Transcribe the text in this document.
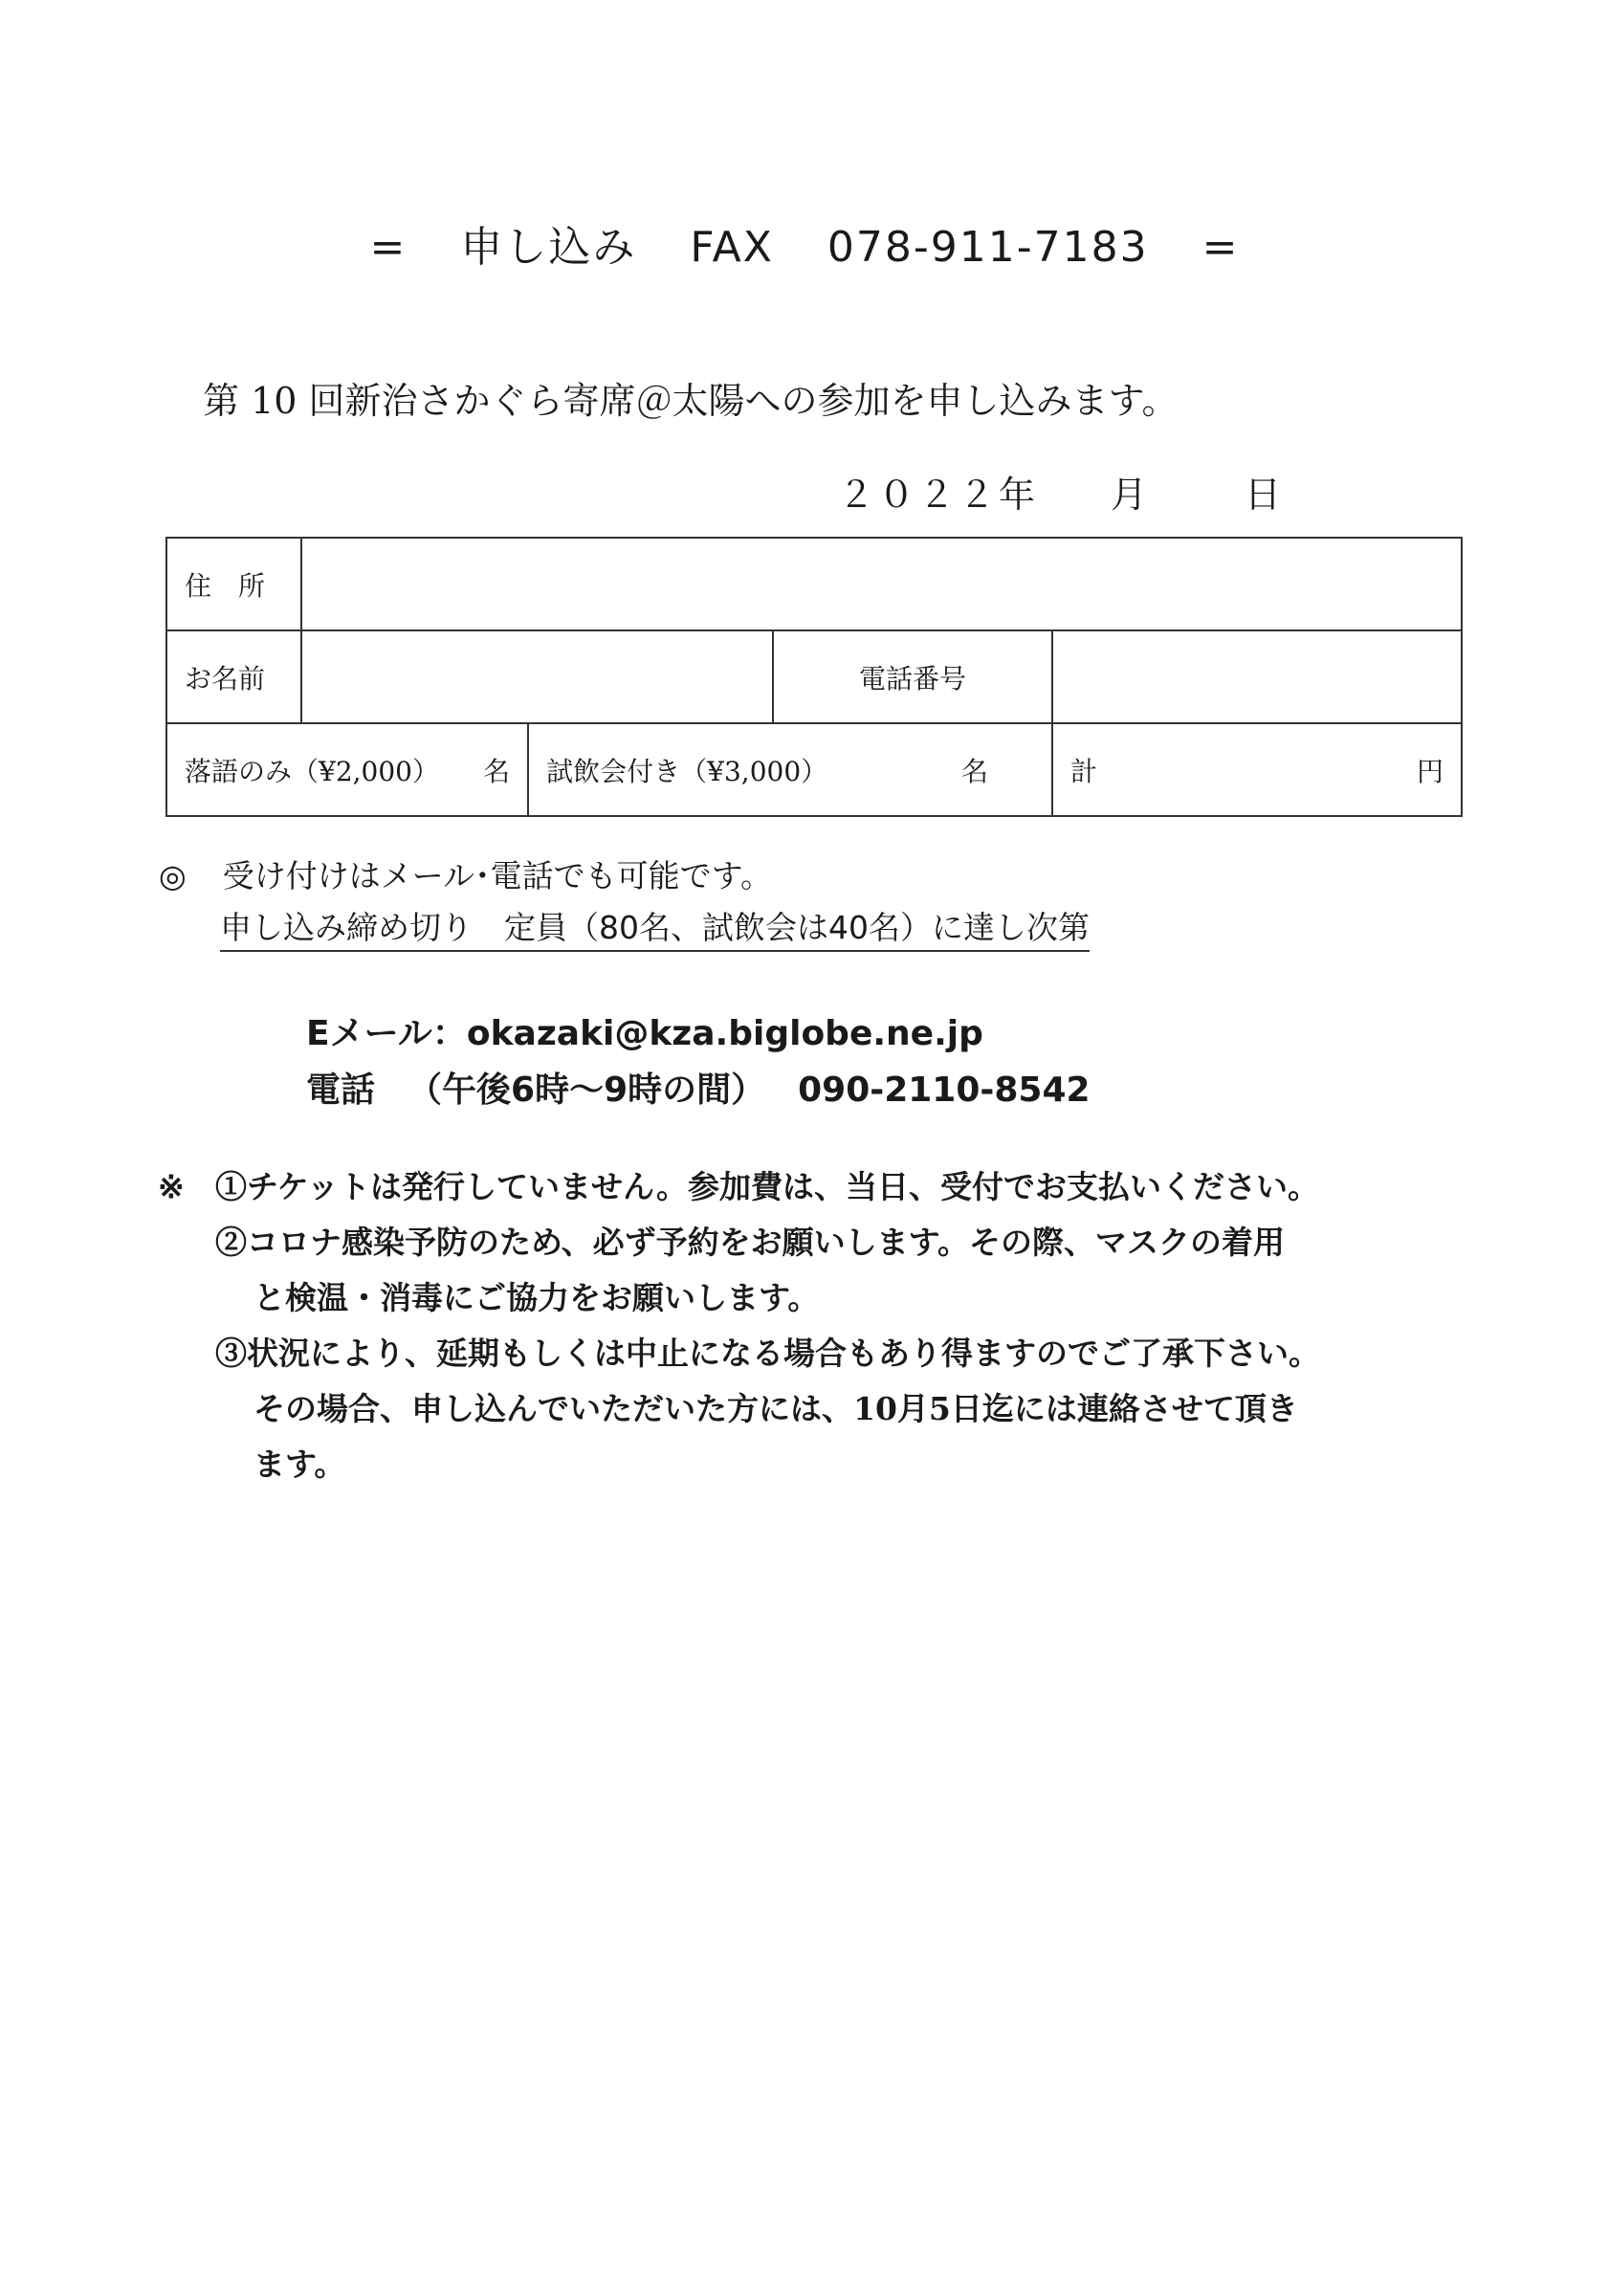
= 申し込み FAX 078-911-7183 =
第 10 回新治さかぐら寄席＠太陽への参加を申し込みます。
２０２２年 月	日
住　所				
お名前			電話番号	

落語のみ（¥2,000） 名		試飲会付き（¥3,000） 名		計 円
◎ 受け付けはメール･電話でも可能です。
申し込み締め切り　定員（80名、試飲会は40名）に達し次第
Eメール：okazaki@kza.biglobe.ne.jp
電話 （午後6時～9時の間） 090-2110-8542
※ ①チケットは発行していません。参加費は、当日、受付でお支払いください。
②コロナ感染予防のため、必ず予約をお願いします。その際、マスクの着用
と検温・消毒にご協力をお願いします。
③状況により、延期もしくは中止になる場合もあり得ますのでご了承下さい。
その場合、申し込んでいただいた方には、10月5日迄には連絡させて頂き
ます。
